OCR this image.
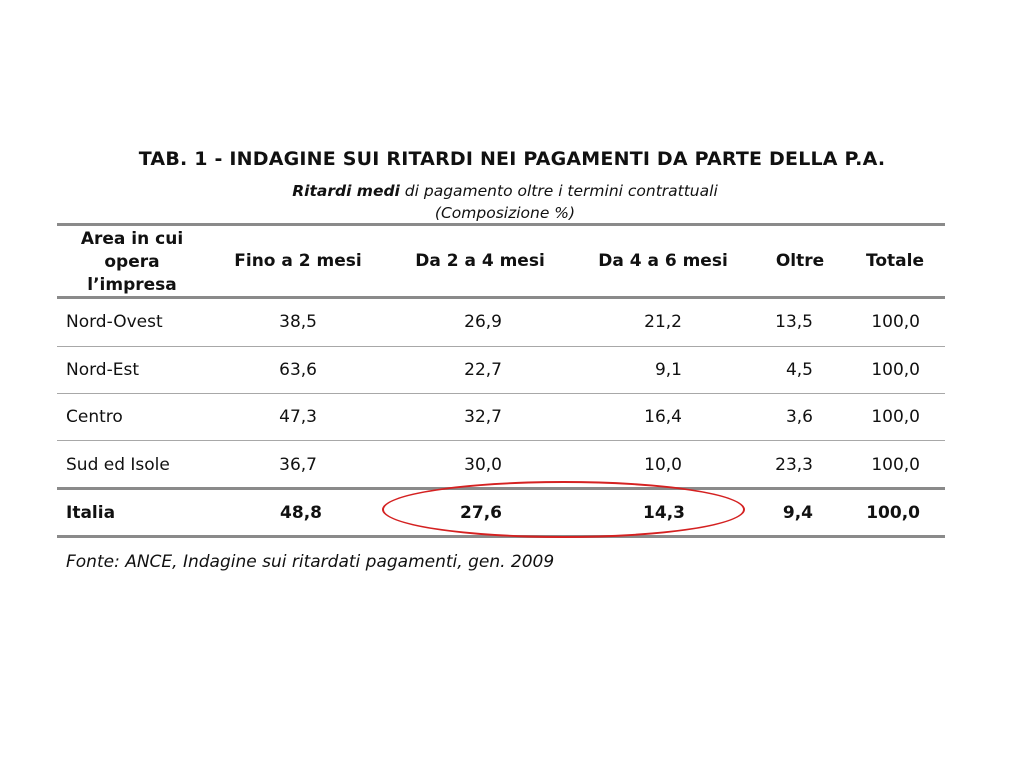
TAB. 1 - INDAGINE SUI RITARDI NEI PAGAMENTI DA PARTE DELLA P.A.
Ritardi medi di pagamento oltre i termini contrattuali
(Composizione %)
Area in cui
opera
l’impresa
Fino a 2 mesi	Da 2 a 4 mesi	Da 4 a 6 mesi	Oltre	Totale
Nord-Ovest	38,5	26,9	21,2	13,5	100,0
Nord-Est	63,6	22,7	9,1	4,5	100,0
Centro	47,3	32,7	16,4	3,6	100,0
Sud ed Isole	36,7	30,0	10,0	23,3	100,0
Italia	48,8	27,6	14,3	9,4	100,0
Fonte: ANCE, Indagine sui ritardati pagamenti, gen. 2009
